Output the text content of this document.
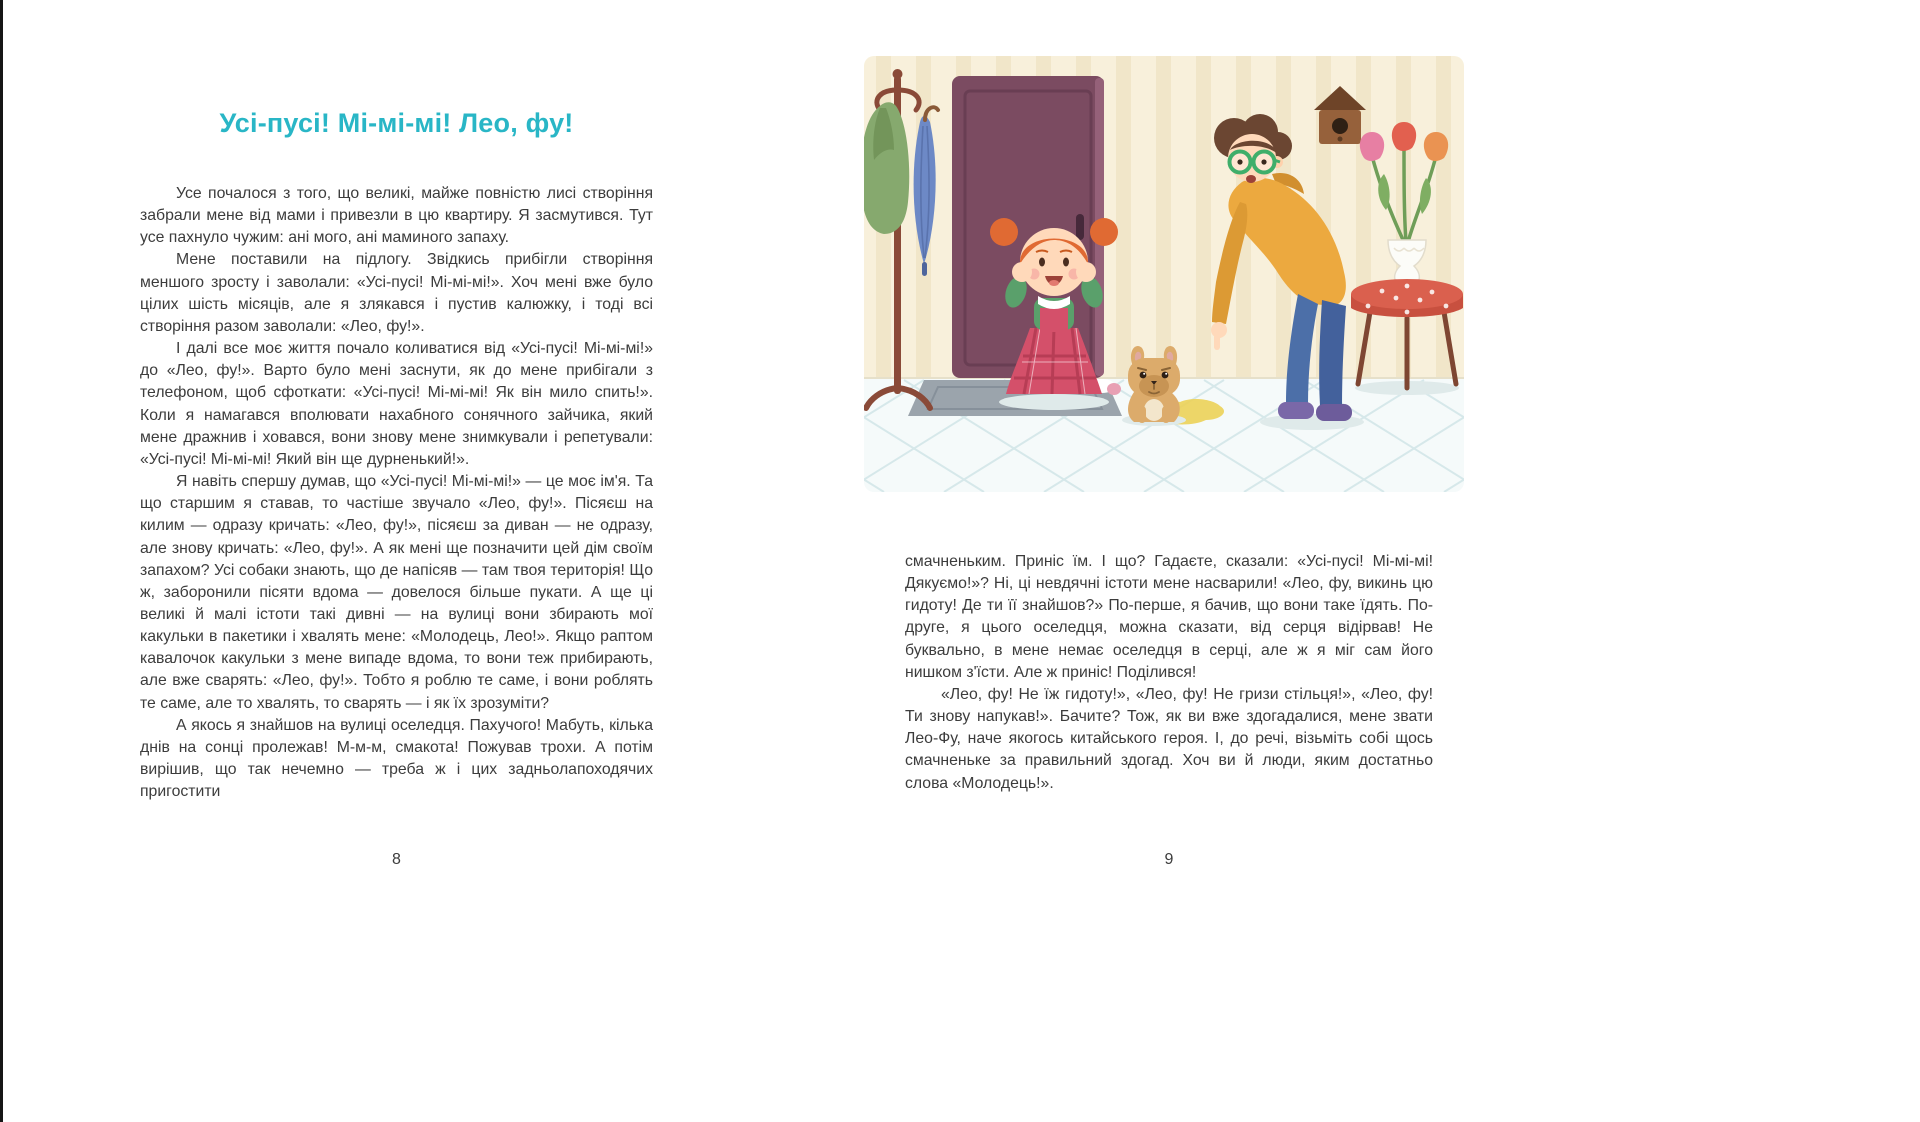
Усі-пусі! Мі-мі-мі! Лео, фу!

Усе почалося з того, що великі, майже повністю лисі створіння забрали мене від мами і привезли в цю квартиру. Я засмутився. Тут усе пахнуло чужим: ані мого, ані маминого запаху.

Мене поставили на підлогу. Звідкись прибігли створіння меншого зросту і заволали: «Усі-пусі! Мі-мі-мі!». Хоч мені вже було цілих шість місяців, але я злякався і пустив калюжку, і тоді всі створіння разом заволали: «Лео, фу!».

І далі все моє життя почало коливатися від «Усі-пусі! Мі-мі-мі!» до «Лео, фу!». Варто було мені заснути, як до мене прибігали з телефоном, щоб сфоткати: «Усі-пусі! Мі-мі-мі! Як він мило спить!». Коли я намагався вполювати нахабного сонячного зайчика, який мене дражнив і ховався, вони знову мене знимкували і репетували: «Усі-пусі! Мі-мі-мі! Який він ще дурненький!».

Я навіть спершу думав, що «Усі-пусі! Мі-мі-мі!» — це моє ім'я. Та що старшим я ставав, то частіше звучало «Лео, фу!». Пісяєш на килим — одразу кричать: «Лео, фу!», пісяєш за диван — не одразу, але знову кричать: «Лео, фу!». А як мені ще позначити цей дім своїм запахом? Усі собаки знають, що де напісяв — там твоя територія! Що ж, заборонили пісяти вдома — довелося більше пукати. А ще ці великі й малі істоти такі дивні — на вулиці вони збирають мої какульки в пакетики і хвалять мене: «Молодець, Лео!». Якщо раптом кавалочок какульки з мене випаде вдома, то вони теж прибирають, але вже сварять: «Лео, фу!». Тобто я роблю те саме, і вони роблять те саме, але то хвалять, то сварять — і як їх зрозуміти?

А якось я знайшов на вулиці оселедця. Пахучого! Мабуть, кілька днів на сонці пролежав! М-м-м, смакота! Пожував трохи. А потім вирішив, що так нечемно — треба ж і цих задньолапоходячих пригостити

8

смачненьким. Приніс їм. І що? Гадаєте, сказали: «Усі-пусі! Мі-мі-мі! Дякуємо!»? Ні, ці невдячні істоти мене насварили! «Лео, фу, викинь цю гидоту! Де ти її знайшов?» По-перше, я бачив, що вони таке їдять. По-друге, я цього оселедця, можна сказати, від серця відірвав! Не буквально, в мене немає оселедця в серці, але ж я міг сам його нишком з'їсти. Але ж приніс! Поділився!

«Лео, фу! Не їж гидоту!», «Лео, фу! Не гризи стільця!», «Лео, фу! Ти знову напукав!». Бачите? Тож, як ви вже здогадалися, мене звати Лео-Фу, наче якогось китайського героя. І, до речі, візьміть собі щось смачненьке за правильний здогад. Хоч ви й люди, яким достатньо слова «Молодець!».

9
